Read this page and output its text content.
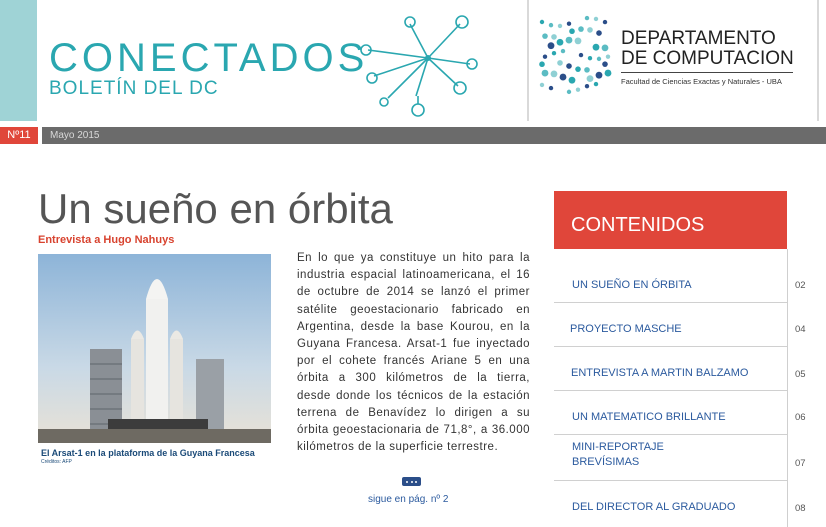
CONECTADOS
BOLETÍN DEL DC
DEPARTAMENTO
DE COMPUTACION
Facultad de Ciencias Exactas y Naturales - UBA
Nº11	Mayo 2015
Un sueño en órbita
Entrevista a Hugo Nahuys
El Arsat-1 en la plataforma de la Guyana Francesa
Créditos: AFP

En lo que ya constituye un hito para la industria espacial latinoamericana, el 16 de octubre de 2014 se lanzó el primer satélite geoestacionario fabricado en Argentina, desde la base Kourou, en la Guyana Francesa. Arsat-1 fue inyectado por el cohete francés Ariane 5 en una órbita a 300 kilómetros de la tierra, desde donde los técnicos de la estación terrena de Benavídez lo dirigen a su órbita geoestacionaria de 71,8°, a 36.000 kilómetros de la superficie terrestre.

sigue en pág. nº 2
CONTENIDOS
UN SUEÑO EN ÓRBITA	02
PROYECTO MASCHE	04
ENTREVISTA A MARTIN BALZAMO	05
UN MATEMATICO BRILLANTE	06
MINI-REPORTAJE
BREVÍSIMAS	07
DEL DIRECTOR AL GRADUADO	08
